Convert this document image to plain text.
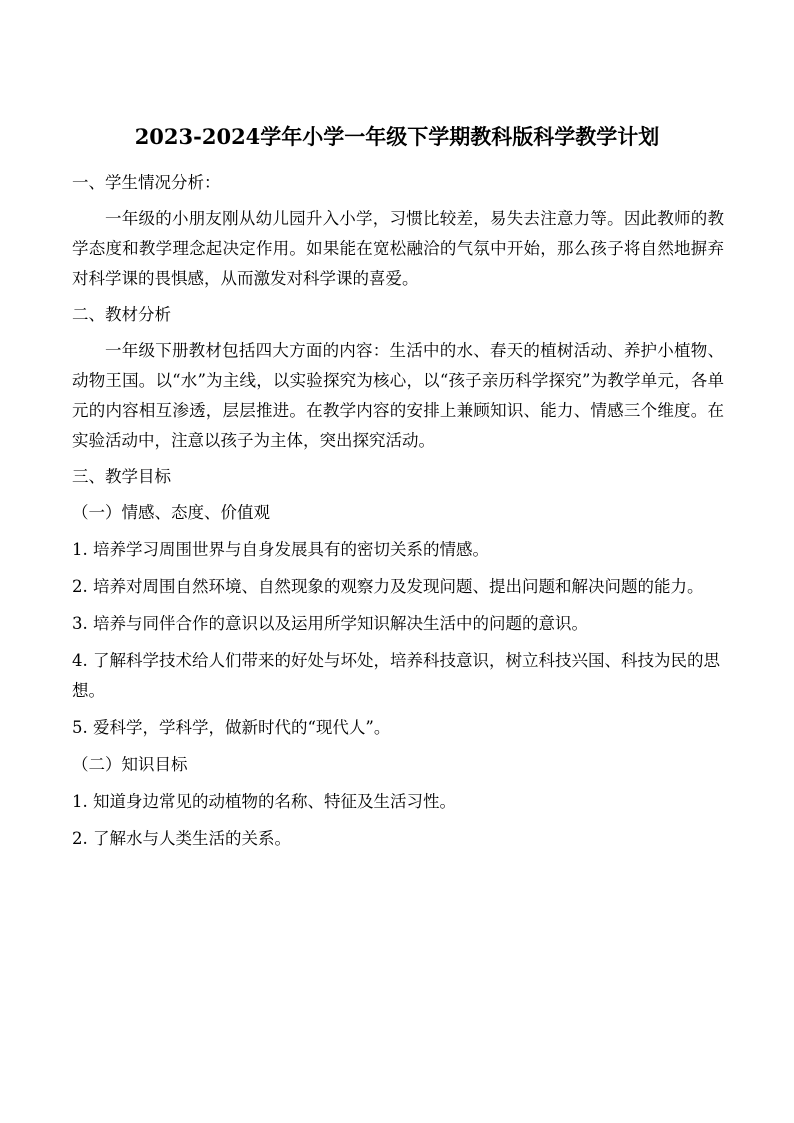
2023-2024学年小学一年级下学期教科版科学教学计划

一、学生情况分析：

一年级的小朋友刚从幼儿园升入小学，习惯比较差，易失去注意力等。因此教师的教学态度和教学理念起决定作用。如果能在宽松融洽的气氛中开始，那么孩子将自然地摒弃对科学课的畏惧感，从而激发对科学课的喜爱。

二、教材分析

一年级下册教材包括四大方面的内容：生活中的水、春天的植树活动、养护小植物、动物王国。以“水”为主线，以实验探究为核心，以“孩子亲历科学探究”为教学单元，各单元的内容相互渗透，层层推进。在教学内容的安排上兼顾知识、能力、情感三个维度。在实验活动中，注意以孩子为主体，突出探究活动。

三、教学目标

（一）情感、态度、价值观

1. 培养学习周围世界与自身发展具有的密切关系的情感。

2. 培养对周围自然环境、自然现象的观察力及发现问题、提出问题和解决问题的能力。

3. 培养与同伴合作的意识以及运用所学知识解决生活中的问题的意识。

4. 了解科学技术给人们带来的好处与坏处，培养科技意识，树立科技兴国、科技为民的思想。

5. 爱科学，学科学，做新时代的“现代人”。

（二）知识目标

1. 知道身边常见的动植物的名称、特征及生活习性。

2. 了解水与人类生活的关系。
